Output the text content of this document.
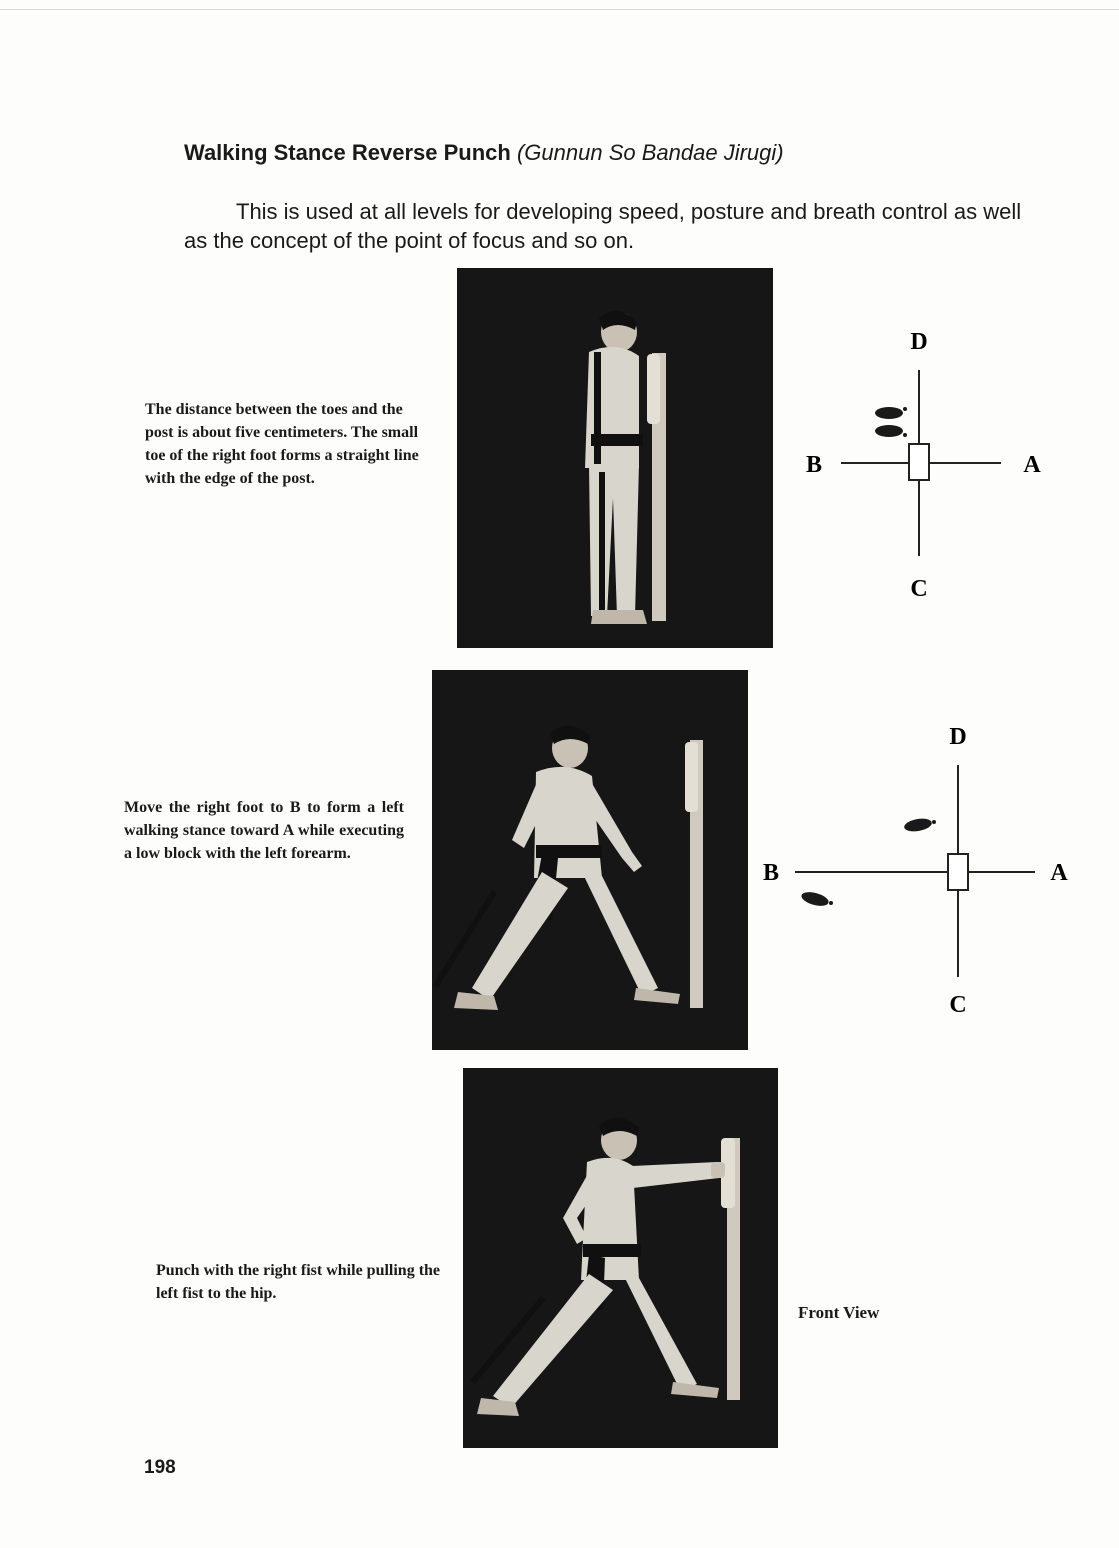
Walking Stance Reverse Punch (Gunnun So Bandae Jirugi)

This is used at all levels for developing speed, posture and breath control as well as the concept of the point of focus and so on.

The distance between the toes and the post is about five centimeters. The small toe of the right foot forms a straight line with the edge of the post.

D
C
B	A

Move the right foot to B to form a left walking stance toward A while executing a low block with the left forearm.

D
C
B	A

Punch with the right fist while pulling the left fist to the hip.

Front View
198
